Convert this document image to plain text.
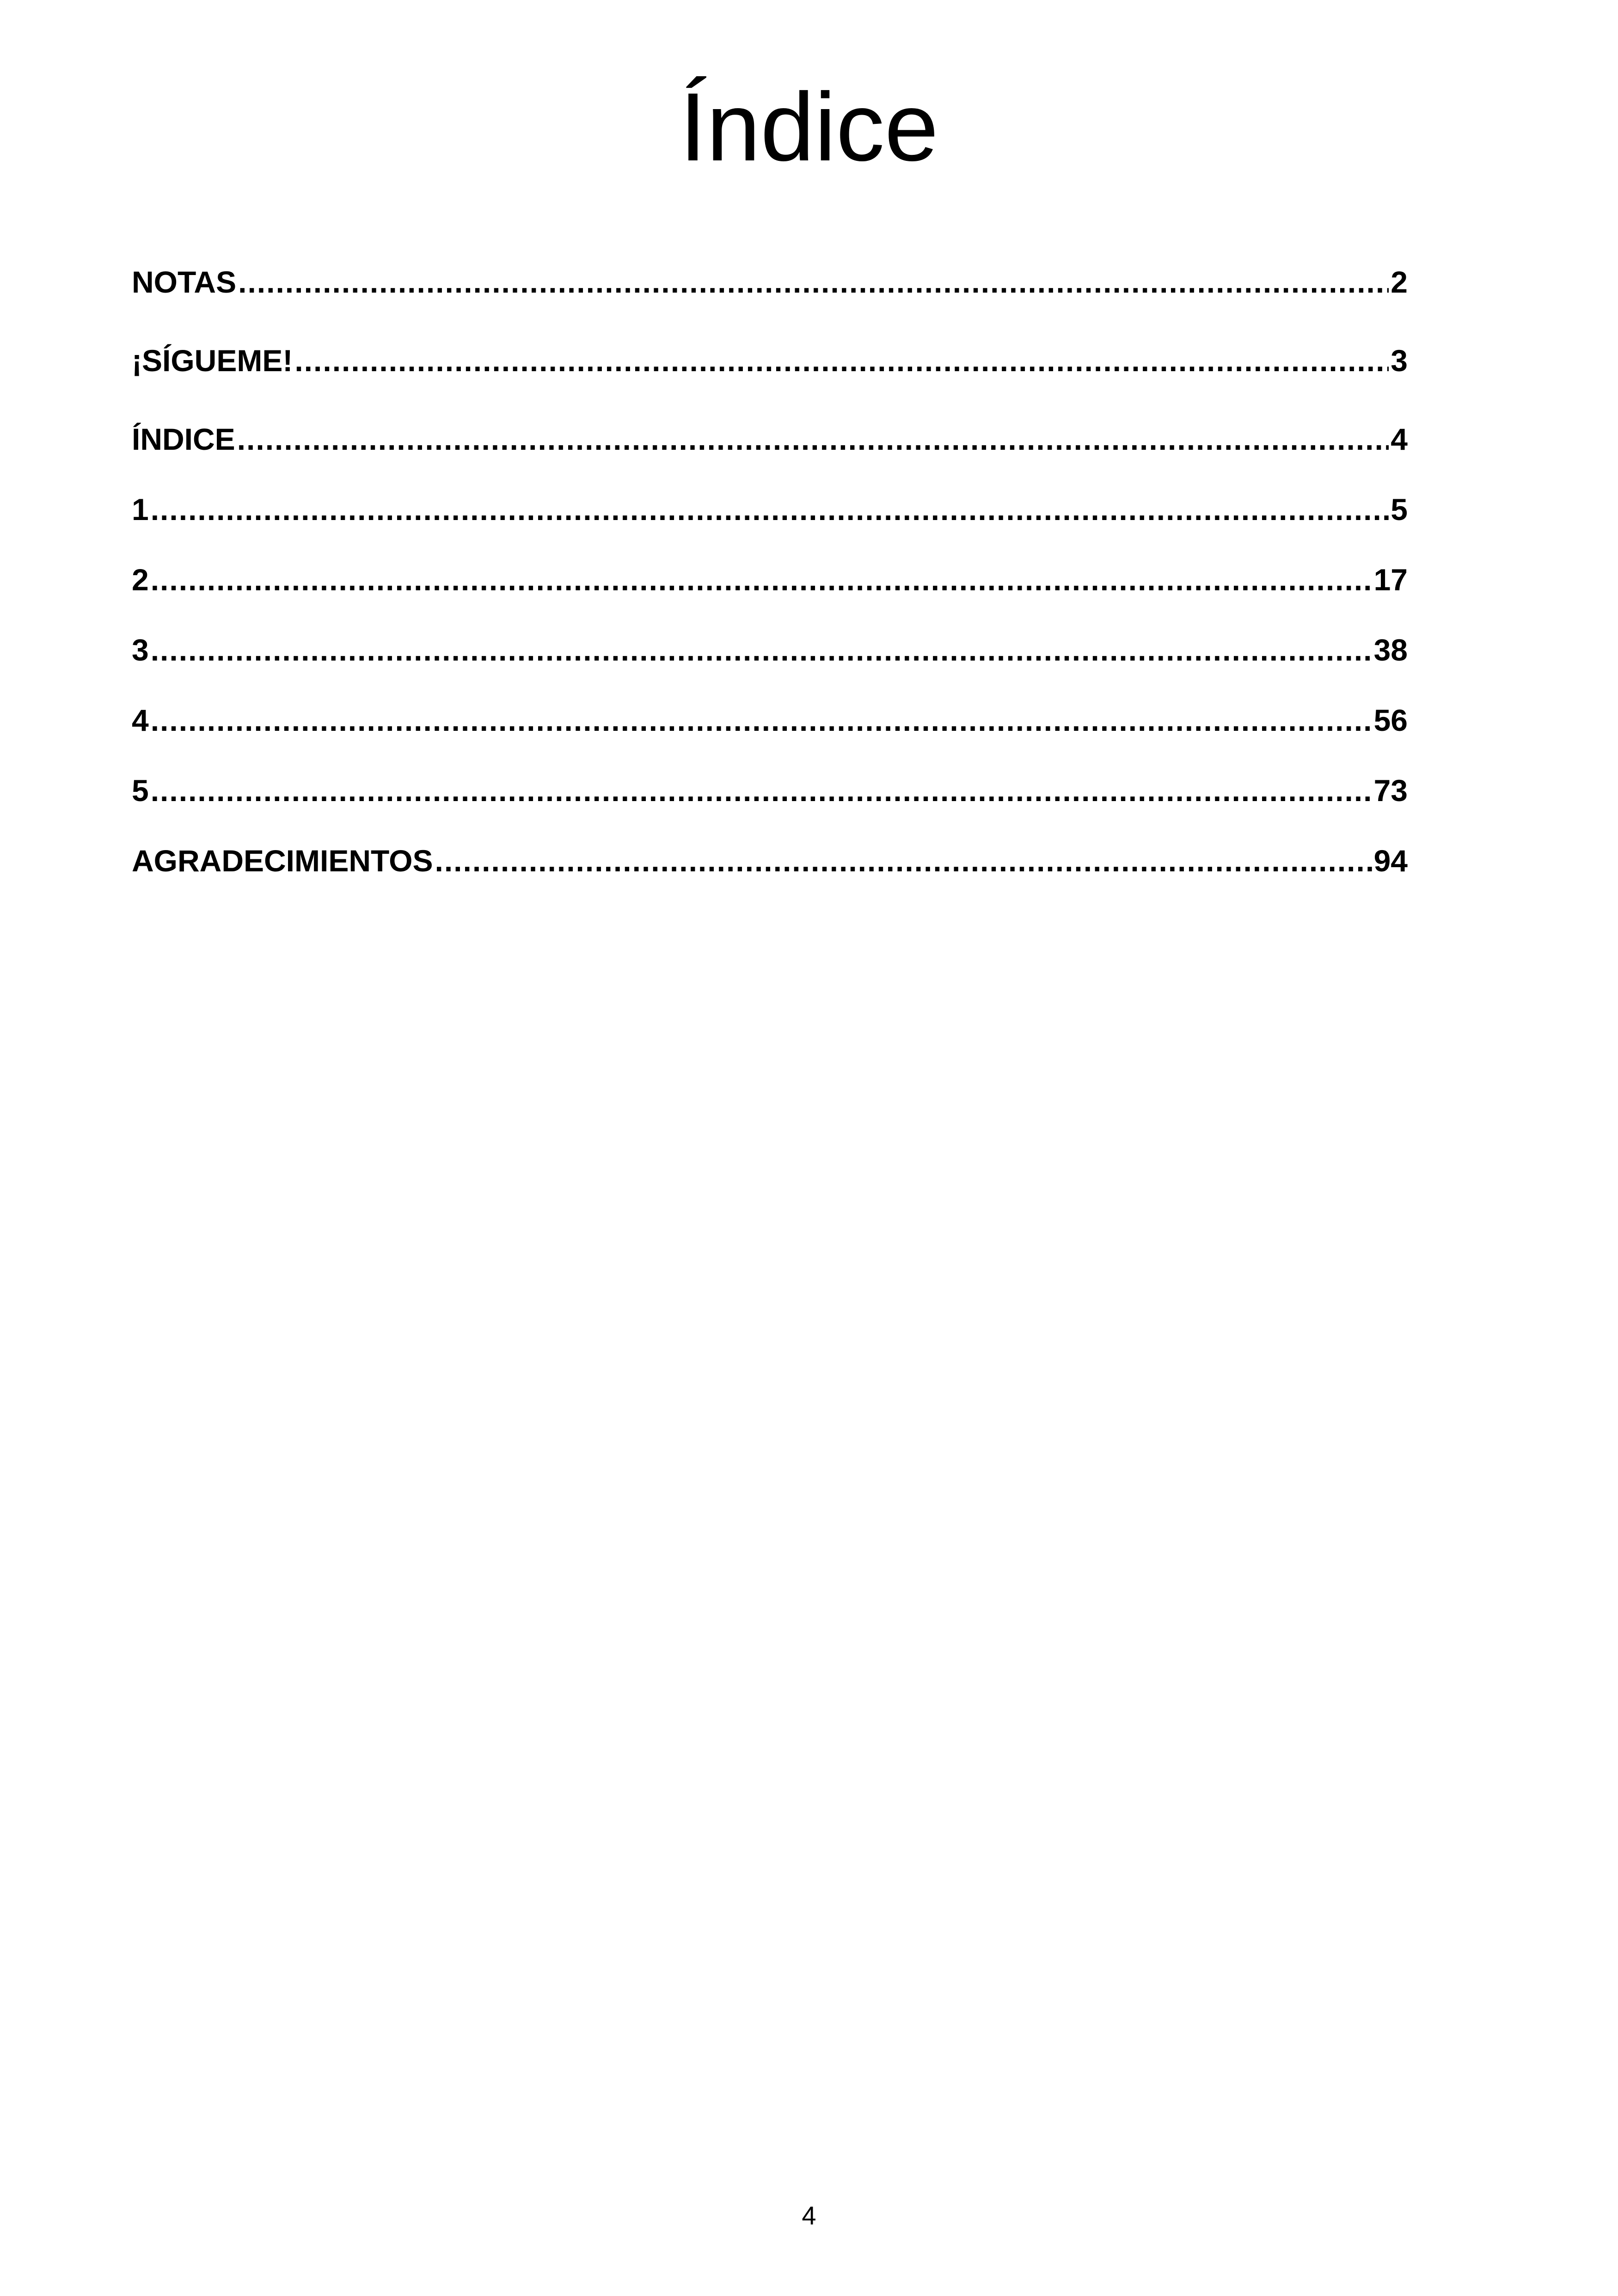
Índice
NOTAS .....	2
¡SÍGUEME! .....	3
ÍNDICE .....	4
1 .....	5
2 .....	17
3 .....	38
4 .....	56
5 .....	73
AGRADECIMIENTOS .....	94
4
